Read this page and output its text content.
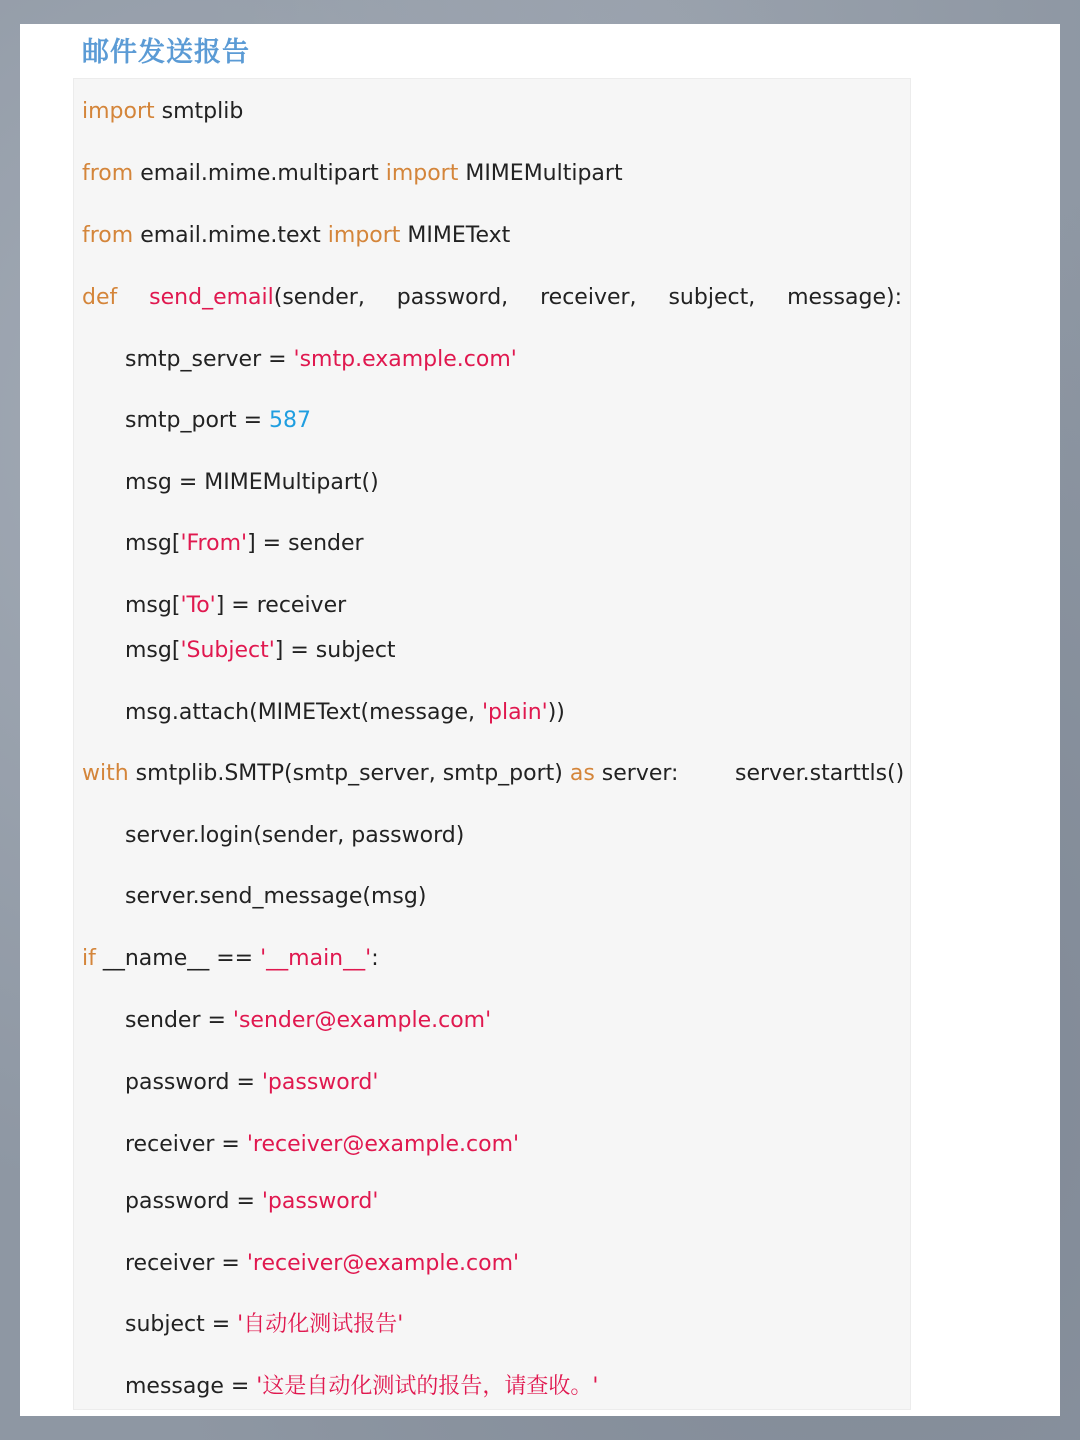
邮件发送报告
import smtplib
from email.mime.multipart import MIMEMultipart
from email.mime.text import MIMEText
def send_email(sender, password, receiver, subject, message):
smtp_server = 'smtp.example.com'
smtp_port = 587
msg = MIMEMultipart()
msg['From'] = sender
msg['To'] = receiver
msg['Subject'] = subject
msg.attach(MIMEText(message, 'plain'))
with smtplib.SMTP(smtp_server, smtp_port) as server:	server.starttls()
server.login(sender, password)
server.send_message(msg)
if __name__ == '__main__':
sender = 'sender@example.com'
password = 'password'
receiver = 'receiver@example.com'
password = 'password'
receiver = 'receiver@example.com'
subject = '自动化测试报告'
message = '这是自动化测试的报告，请查收。'
